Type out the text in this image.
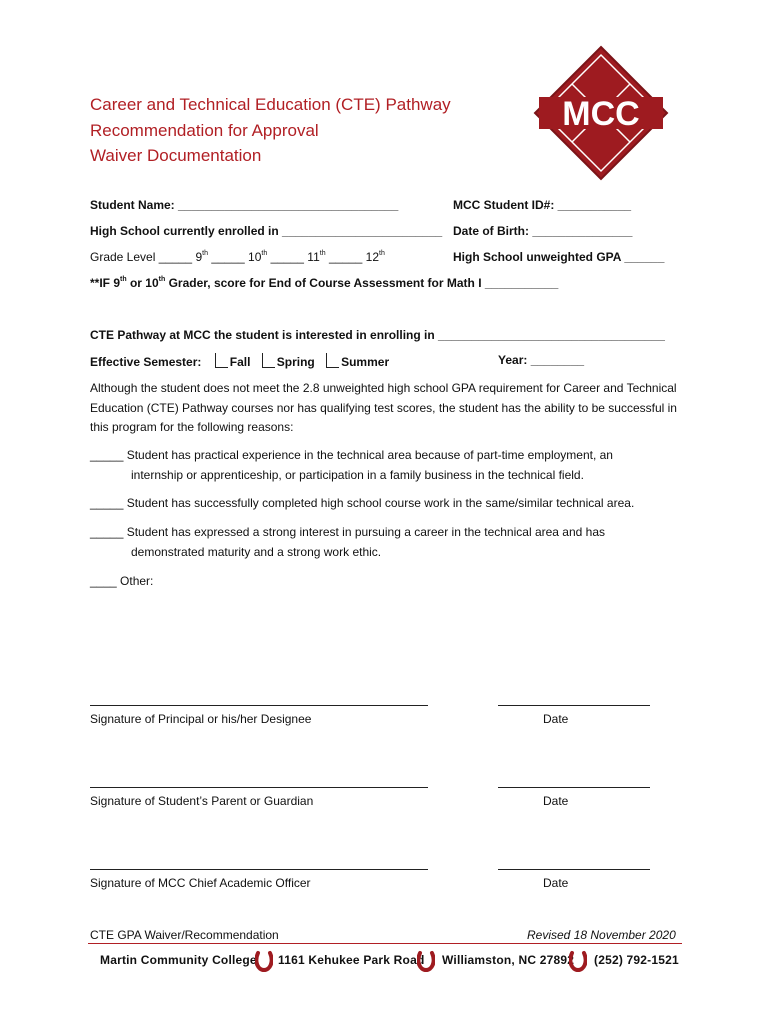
Career and Technical Education (CTE) Pathway
Recommendation for Approval
Waiver Documentation
MCC
Student Name: _________________________________	MCC Student ID#: ___________
High School currently enrolled in ________________________ Date of Birth: _______________
Grade Level _____ 9th _____ 10th _____ 11th _____ 12th	High School unweighted GPA ______
**IF 9th or 10th Grader, score for End of Course Assessment for Math I ___________
CTE Pathway at MCC the student is interested in enrolling in __________________________________
Effective Semester: Fall Spring Summer	Year: ________
Although the student does not meet the 2.8 unweighted high school GPA requirement for Career and Technical Education (CTE) Pathway courses nor has qualifying test scores, the student has the ability to be successful in this program for the following reasons:
_____ Student has practical experience in the technical area because of part-time employment, an
internship or apprenticeship, or participation in a family business in the technical field.
_____ Student has successfully completed high school course work in the same/similar technical area.
_____ Student has expressed a strong interest in pursuing a career in the technical area and has
demonstrated maturity and a strong work ethic.
____ Other:
Signature of Principal or his/her Designee	Date
Signature of Student’s Parent or Guardian	Date
Signature of MCC Chief Academic Officer	Date
CTE GPA Waiver/Recommendation	Revised 18 November 2020
Martin Community College 1161 Kehukee Park Road Williamston, NC 27892 (252) 792-1521
